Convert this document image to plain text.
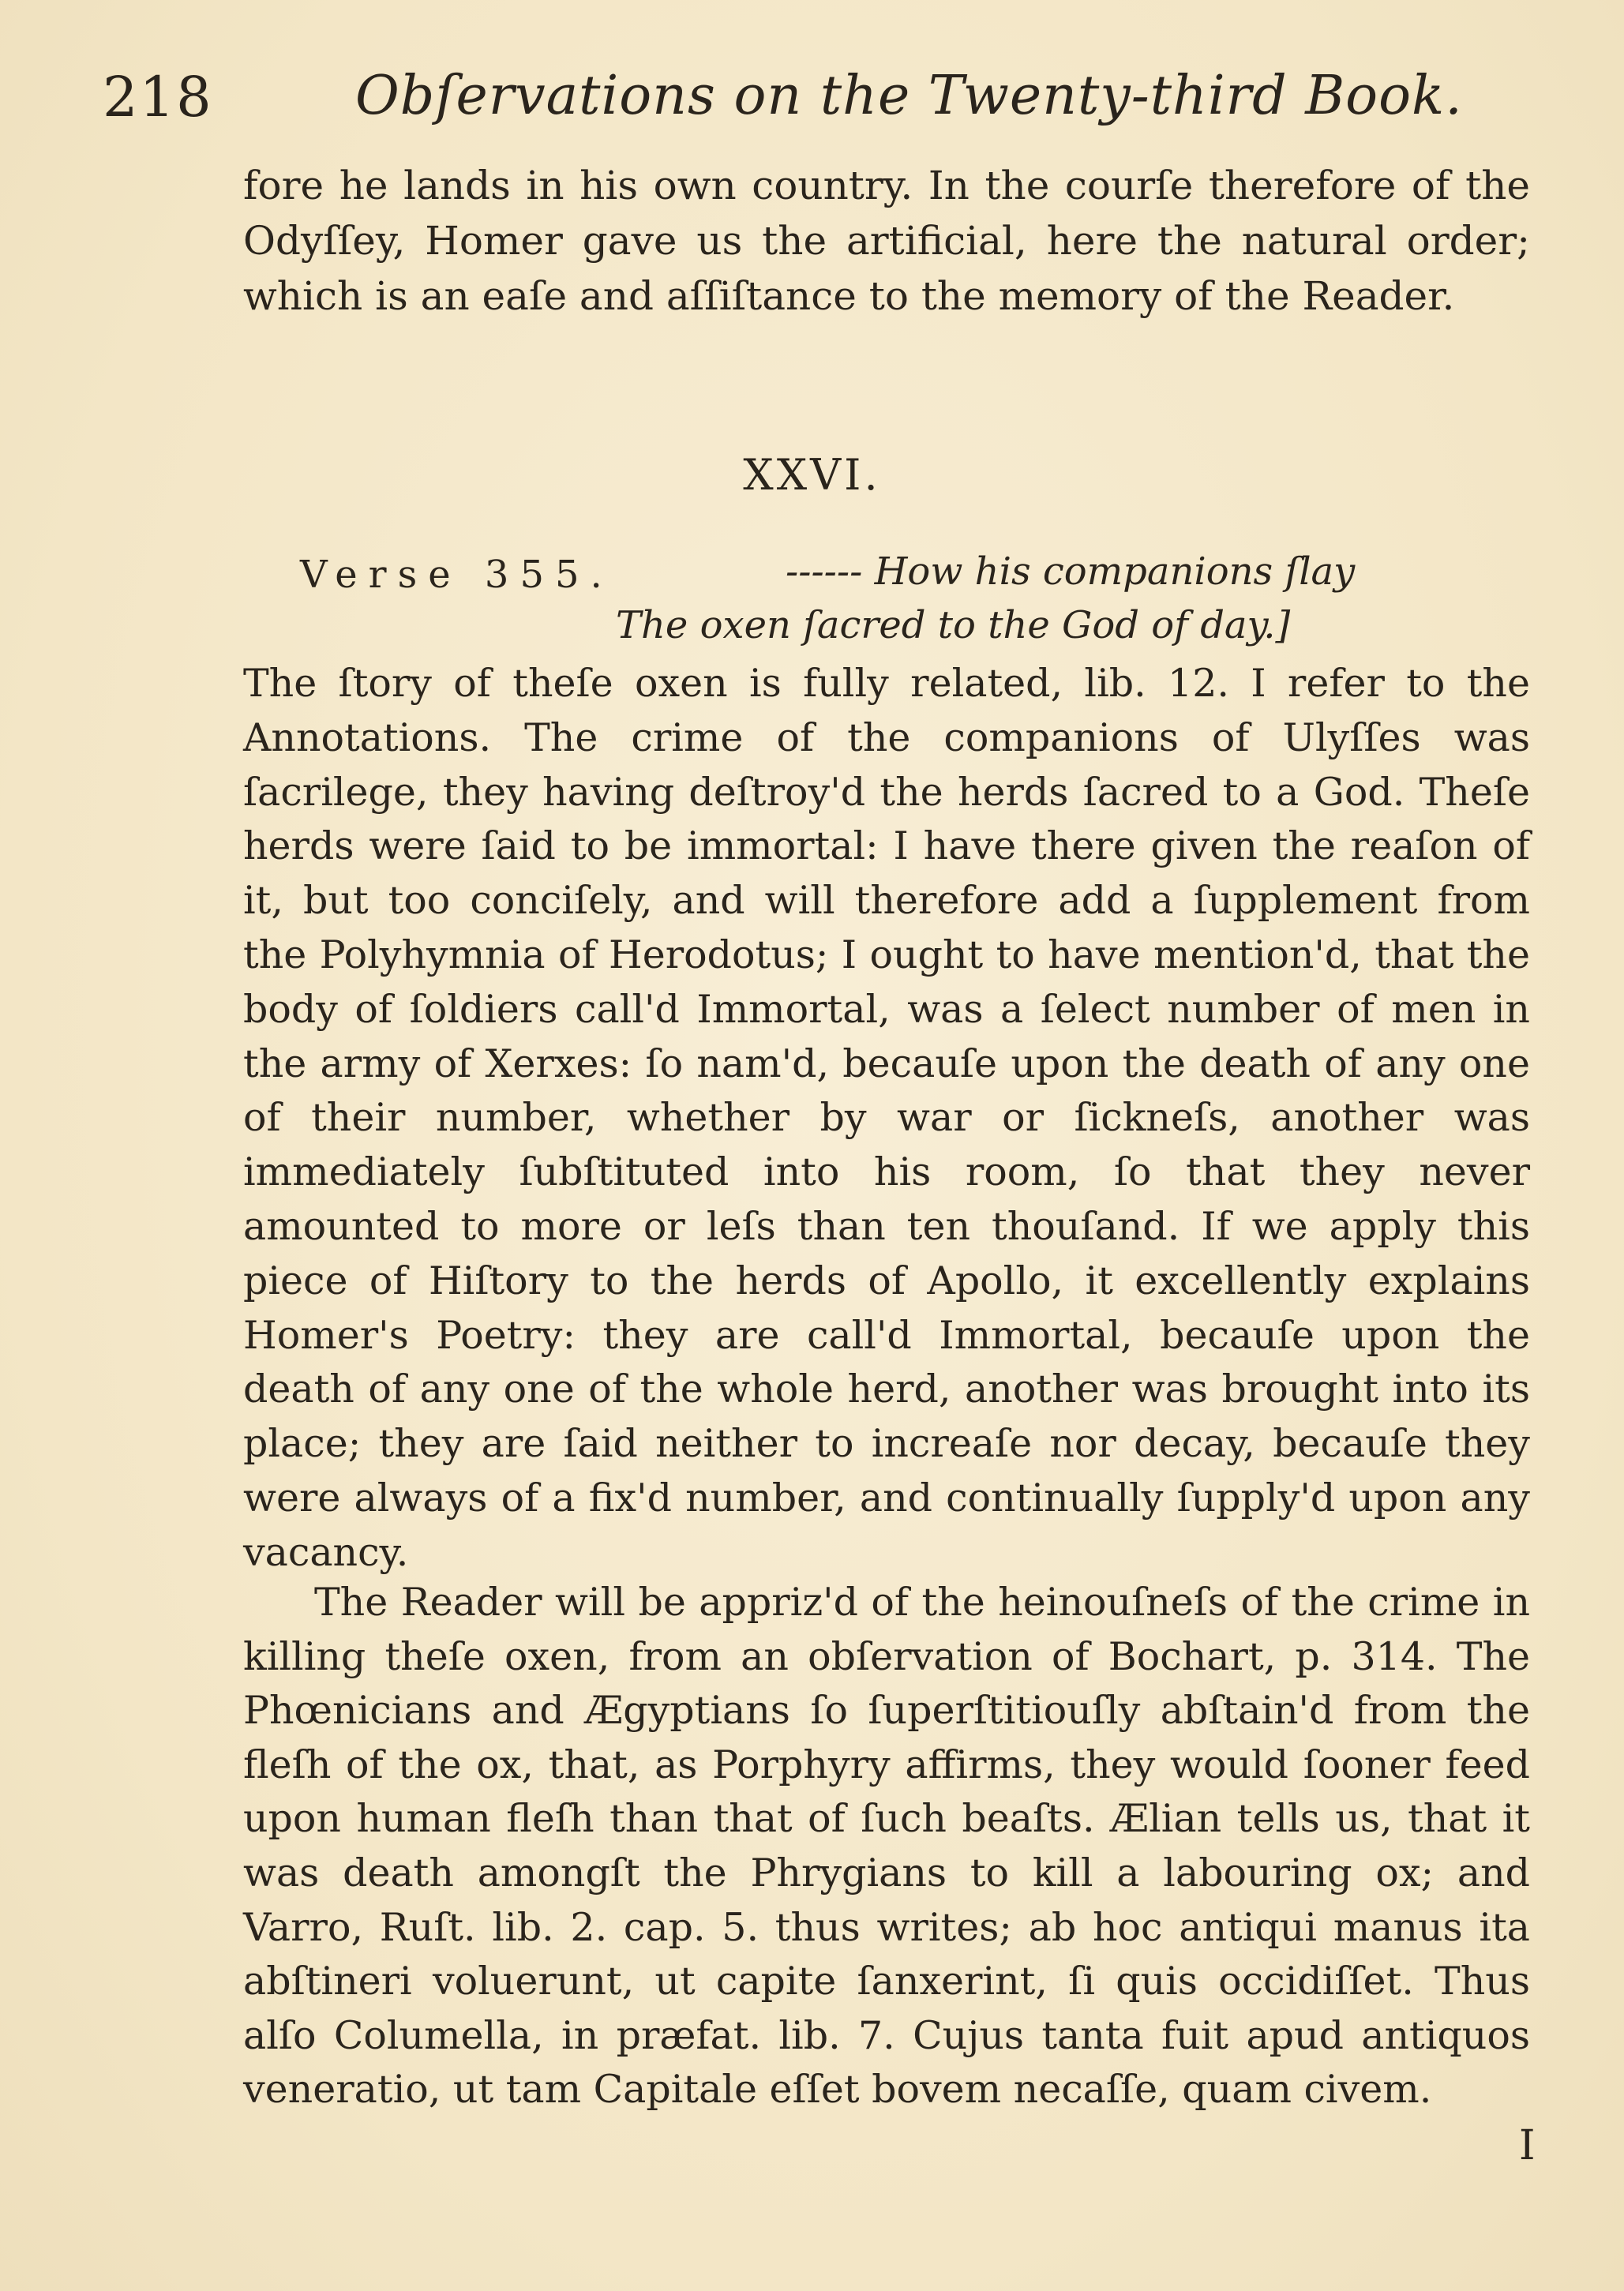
218	Obſervations on the Twenty-third Book.

fore he lands in his own country. In the courſe therefore of the Odyſſey, Homer gave us the artificial, here the natural order; which is an eaſe and aſſiſtance to the memory of the Reader.

XXVI.
Verse 355.	------ How his companions ſlay
The oxen ſacred to the God of day.]

The ſtory of theſe oxen is fully related, lib. 12. I refer to the Annotations. The crime of the companions of Ulyſſes was ſacrilege, they having deſtroy'd the herds ſacred to a God. Theſe herds were ſaid to be immortal: I have there given the reaſon of it, but too conciſely, and will therefore add a ſupplement from the Polyhymnia of Herodotus; I ought to have mention'd, that the body of ſoldiers call'd Immortal, was a ſelect number of men in the army of Xerxes: ſo nam'd, becauſe upon the death of any one of their number, whether by war or ſickneſs, another was immediately ſubſtituted into his room, ſo that they never amounted to more or leſs than ten thouſand. If we apply this piece of Hiſtory to the herds of Apollo, it excellently explains Homer's Poetry: they are call'd Immortal, becauſe upon the death of any one of the whole herd, another was brought into its place; they are ſaid neither to increaſe nor decay, becauſe they were always of a fix'd number, and continually ſupply'd upon any vacancy.

The Reader will be appriz'd of the heinouſneſs of the crime in killing theſe oxen, from an obſervation of Bochart, p. 314. The Phœnicians and Ægyptians ſo ſuperſtitiouſly abſtain'd from the fleſh of the ox, that, as Porphyry affirms, they would ſooner feed upon human fleſh than that of ſuch beaſts. Ælian tells us, that it was death amongſt the Phrygians to kill a labouring ox; and Varro, Ruſt. lib. 2. cap. 5. thus writes; ab hoc antiqui manus ita abſtineri voluerunt, ut capite ſanxerint, ſi quis occidiſſet. Thus alſo Columella, in præfat. lib. 7. Cujus tanta fuit apud antiquos veneratio, ut tam Capitale eſſet bovem necaſſe, quam civem.

I
